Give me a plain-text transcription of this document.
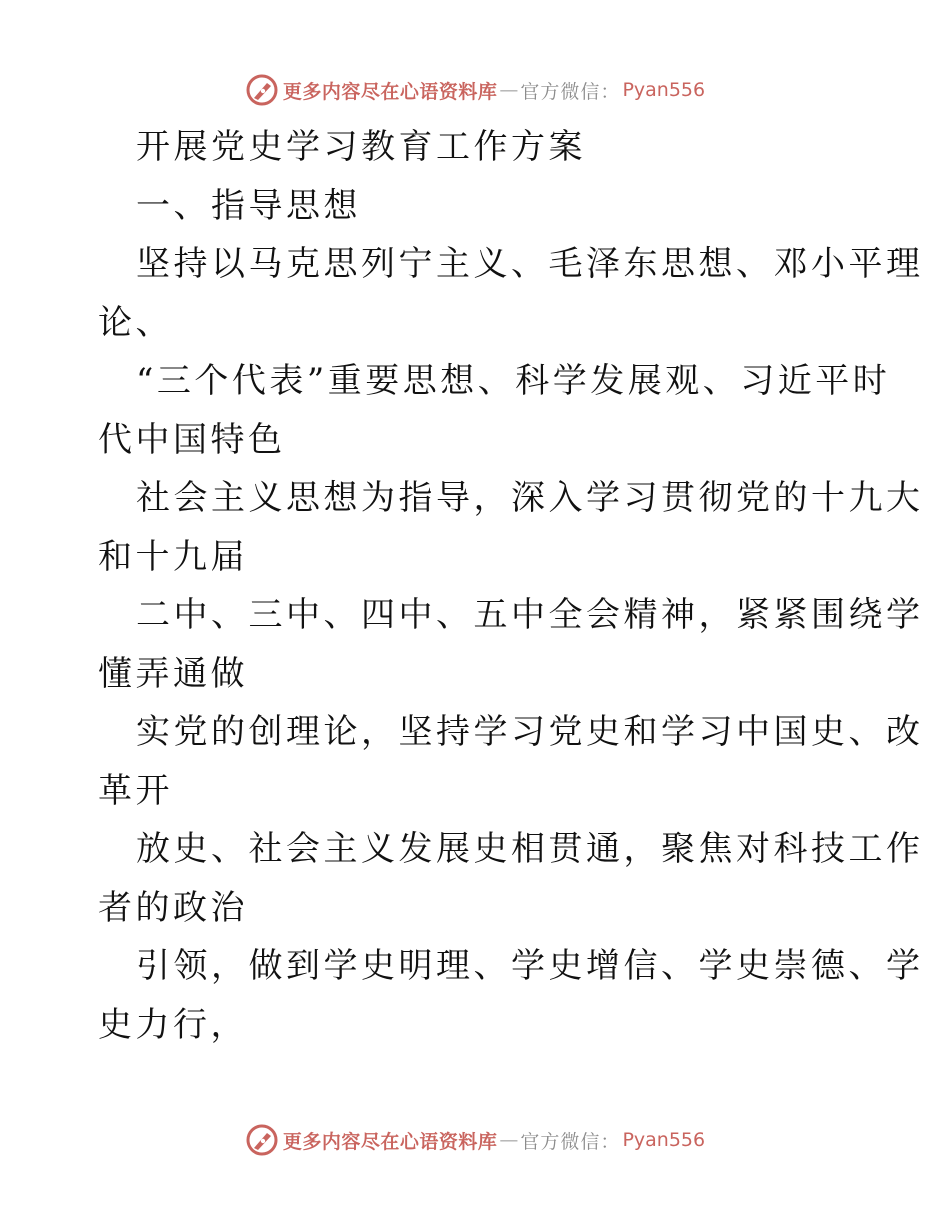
更多内容尽在心语资料库 — 官方微信： Pyan556
开展党史学习教育工作方案
一、指导思想
坚持以马克思列宁主义、毛泽东思想、邓小平理
论、
“三个代表”重要思想、科学发展观、习近平时
代中国特色
社会主义思想为指导，深入学习贯彻党的十九大
和十九届
二中、三中、四中、五中全会精神，紧紧围绕学
懂弄通做
实党的创理论，坚持学习党史和学习中国史、改
革开
放史、社会主义发展史相贯通，聚焦对科技工作
者的政治
引领，做到学史明理、学史增信、学史崇德、学
史力行，
更多内容尽在心语资料库 — 官方微信： Pyan556
